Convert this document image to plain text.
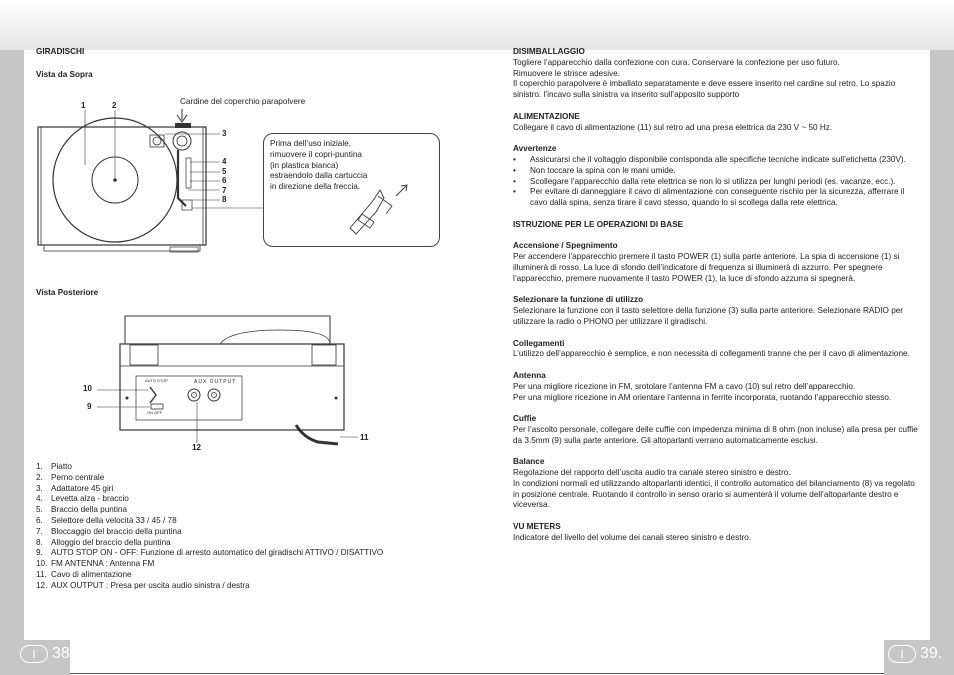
GIRADISCHI
Vista da Sopra
Cardine del coperchio parapolvere
1	2
3
4
5
6
7
8
Prima dell’uso iniziale, rimuovere il copri-puntina (in plastica bianca) estraendolo dalla cartuccia in direzione della freccia.
Vista Posteriore
AUX OUTPUT
AUTO STOP
ON OFF
10
9
12
11
1. Piatto
2. Perno centrale
3. Adattatore 45 giri
4. Levetta alza - braccio
5. Braccio della puntina
6. Selettore della velocità 33 / 45 / 78
7. Bloccaggio del braccio della puntina
8. Alloggio del braccio della puntina
9. AUTO STOP ON - OFF: Funzione di arresto automatico del giradischi ATTIVO / DISATTIVO
10. FM ANTENNA : Antenna FM
11. Cavo di alimentazione
12. AUX OUTPUT : Presa per uscita audio sinistra / destra

DISIMBALLAGGIO

Togliere l’apparecchio dalla confezione con cura. Conservare la confezione per uso futuro.

Rimuovere le strisce adesive.

Il coperchio parapolvere è imballato separatamente e deve essere inserito nel cardine sul retro. Lo spazio sinistro. l’incavo sulla sinistra va inserito sull’apposito supporto

ALIMENTAZIONE

Collegare il cavo di alimentazione (11) sul retro ad una presa elettrica da 230 V ~ 50 Hz.

Avvertenze

• Assicurarsi che il voltaggio disponibile corrisponda alle specifiche tecniche indicate sull’etichetta (230V).
• Non toccare la spina con le mani umide.
• Scollegare l’apparecchio dalla rete elettrica se non lo si utilizza per lunghi periodi (es. vacanze, ecc.).
• Per evitare di danneggiare il cavo di alimentazione con conseguente rischio per la sicurezza, afferrare il cavo dalla spina, senza tirare il cavo stesso, quando lo si scollega dalla rete elettrica.

ISTRUZIONE PER LE OPERAZIONI DI BASE

Accensione / Spegnimento

Per accendere l’apparecchio premere il tasto POWER (1) sulla parte anteriore. La spia di accensione (1) si illuminerà di rosso. La luce di sfondo dell’indicatore di frequenza si illuminerà di azzurro. Per spegnere l’apparecchio, premere nuovamente il tasto POWER (1), la luce di sfondo azzurra si spegnerà.

Selezionare la funzione di utilizzo

Selezionare la funzione con il tasto selettore della funzione (3) sulla parte anteriore. Selezionare RADIO per utilizzare la radio o PHONO per utilizzare il giradischi.

Collegamenti

L’utilizzo dell’apparecchio è semplice, e non necessita di collegamenti tranne che per il cavo di alimentazione.

Antenna

Per una migliore ricezione in FM, srotolare l’antenna FM a cavo (10) sul retro dell’apparecchio.

Per una migliore ricezione in AM orientare l’antenna in ferrite incorporata, ruotando l’apparecchio stesso.

Cuffie

Per l’ascolto personale, collegare delle cuffie con impedenza minima di 8 ohm (non incluse) alla presa per cuffie da 3.5mm (9) sulla parte anteriore. Gli altoparlanti verrano automaticamente esclusi.

Balance

Regolazione del rapporto dell’uscita audio tra canale stereo sinistro e destro.

In condizioni normali ed utilizzando altoparlanti identici, il controllo automatico del bilanciamento (8) va regolato in posizione centrale. Ruotando il controllo in senso orario si aumenterà il volume dell’altoparlante destro e viceversa.

VU METERS

Indicatore del livello del volume dei canali stereo sinistro e destro.

I	38.	I	39.
